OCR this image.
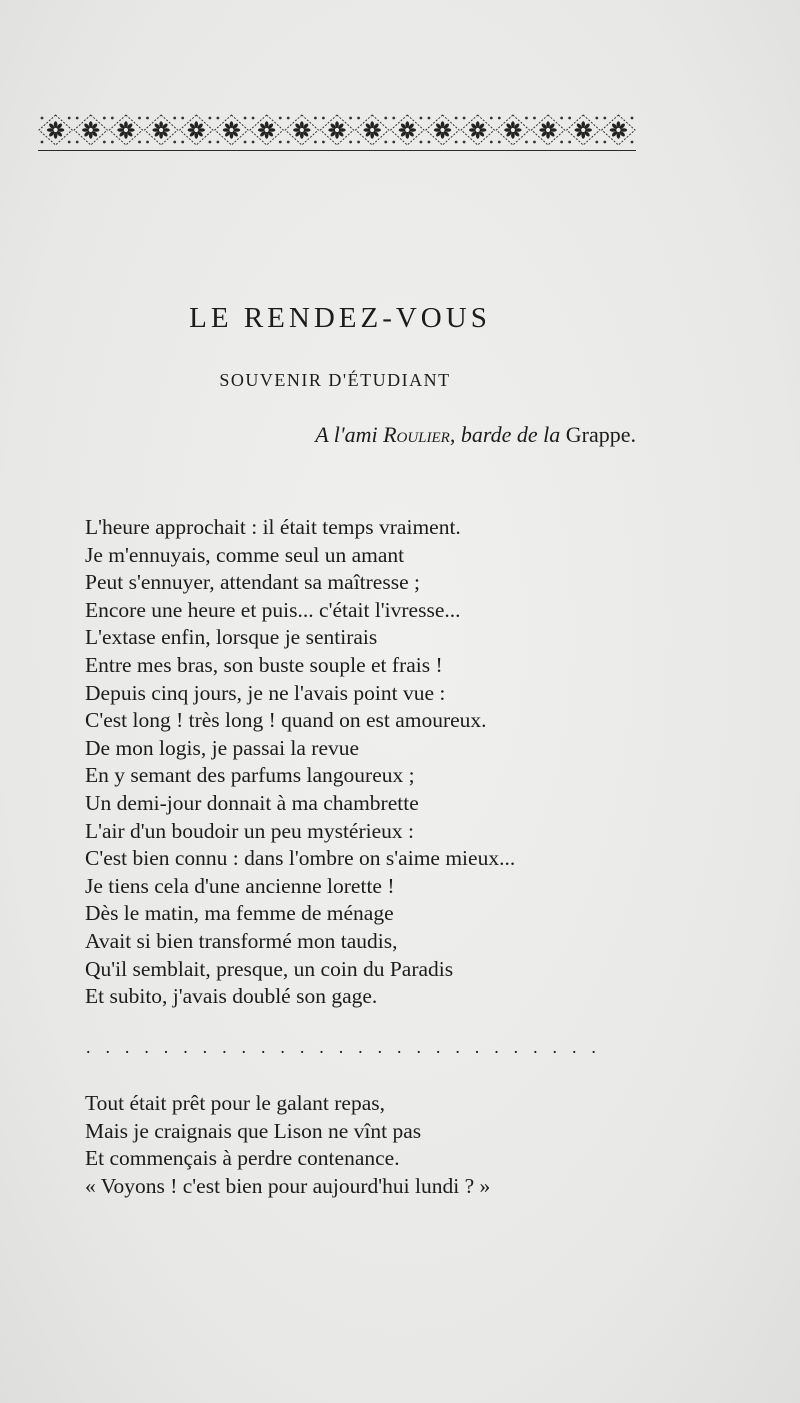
LE RENDEZ-VOUS
SOUVENIR D'ÉTUDIANT
A l'ami Roulier, barde de la Grappe.
L'heure approchait : il était temps vraiment.
Je m'ennuyais, comme seul un amant
Peut s'ennuyer, attendant sa maîtresse ;
Encore une heure et puis... c'était l'ivresse...
L'extase enfin, lorsque je sentirais
Entre mes bras, son buste souple et frais !
Depuis cinq jours, je ne l'avais point vue :
C'est long ! très long ! quand on est amoureux.
De mon logis, je passai la revue
En y semant des parfums langoureux ;
Un demi-jour donnait à ma chambrette
L'air d'un boudoir un peu mystérieux :
C'est bien connu : dans l'ombre on s'aime mieux...
Je tiens cela d'une ancienne lorette !
Dès le matin, ma femme de ménage
Avait si bien transformé mon taudis,
Qu'il semblait, presque, un coin du Paradis
Et subito, j'avais doublé son gage.
. . . . . . . . . . . . . . . . . . . . . . . . . . .
Tout était prêt pour le galant repas,
Mais je craignais que Lison ne vînt pas
Et commençais à perdre contenance.
« Voyons ! c'est bien pour aujourd'hui lundi ? »
